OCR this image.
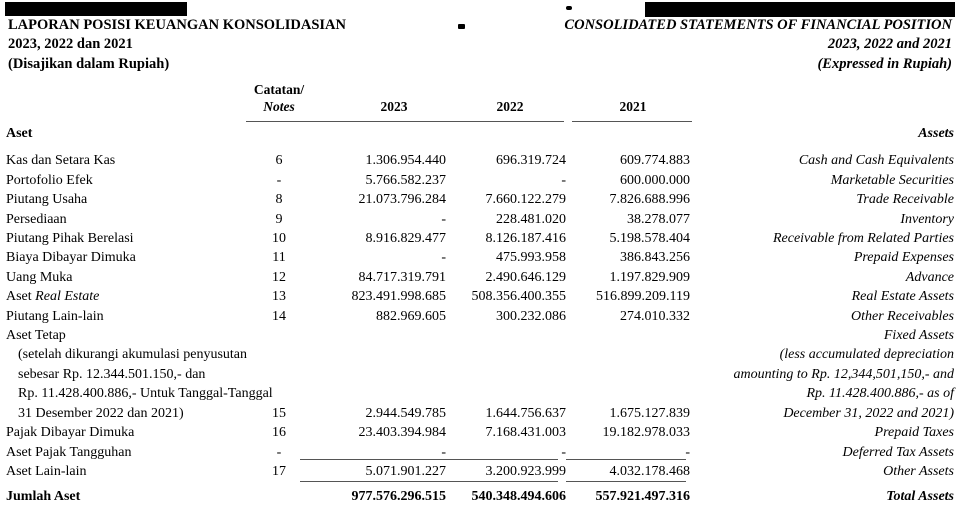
LAPORAN POSISI KEUANGAN KONSOLIDASIAN
2023, 2022 dan 2021
(Disajikan dalam Rupiah)
CONSOLIDATED STATEMENTS OF FINANCIAL POSITION
2023, 2022 and 2021
(Expressed in Rupiah)
Catatan/
Notes	2023	2022	2021
Aset					Assets

Kas dan Setara Kas	6	1.306.954.440	696.319.724	609.774.883	Cash and Cash Equivalents
Portofolio Efek	-	5.766.582.237	-	600.000.000	Marketable Securities
Piutang Usaha	8	21.073.796.284	7.660.122.279	7.826.688.996	Trade Receivable
Persediaan	9	-	228.481.020	38.278.077	Inventory
Piutang Pihak Berelasi	10	8.916.829.477	8.126.187.416	5.198.578.404	Receivable from Related Parties
Biaya Dibayar Dimuka	11	-	475.993.958	386.843.256	Prepaid Expenses
Uang Muka	12	84.717.319.791	2.490.646.129	1.197.829.909	Advance
Aset Real Estate	13	823.491.998.685	508.356.400.355	516.899.209.119	Real Estate Assets
Piutang Lain-lain	14	882.969.605	300.232.086	274.010.332	Other Receivables
Aset Tetap					Fixed Assets
(setelah dikurangi akumulasi penyusutan					(less accumulated depreciation
sebesar Rp. 12.344.501.150,- dan					amounting to Rp. 12,344,501,150,- and
Rp. 11.428.400.886,- Untuk Tanggal-Tanggal					Rp. 11.428.400.886,- as of
31 Desember 2022 dan 2021)	15	2.944.549.785	1.644.756.637	1.675.127.839	December 31, 2022 and 2021)
Pajak Dibayar Dimuka	16	23.403.394.984	7.168.431.003	19.182.978.033	Prepaid Taxes
Aset Pajak Tangguhan	-	-	-	-	Deferred Tax Assets
Aset Lain-lain	17	5.071.901.227	3.200.923.999	4.032.178.468	Other Assets

Jumlah Aset		977.576.296.515	540.348.494.606	557.921.497.316	Total Assets
